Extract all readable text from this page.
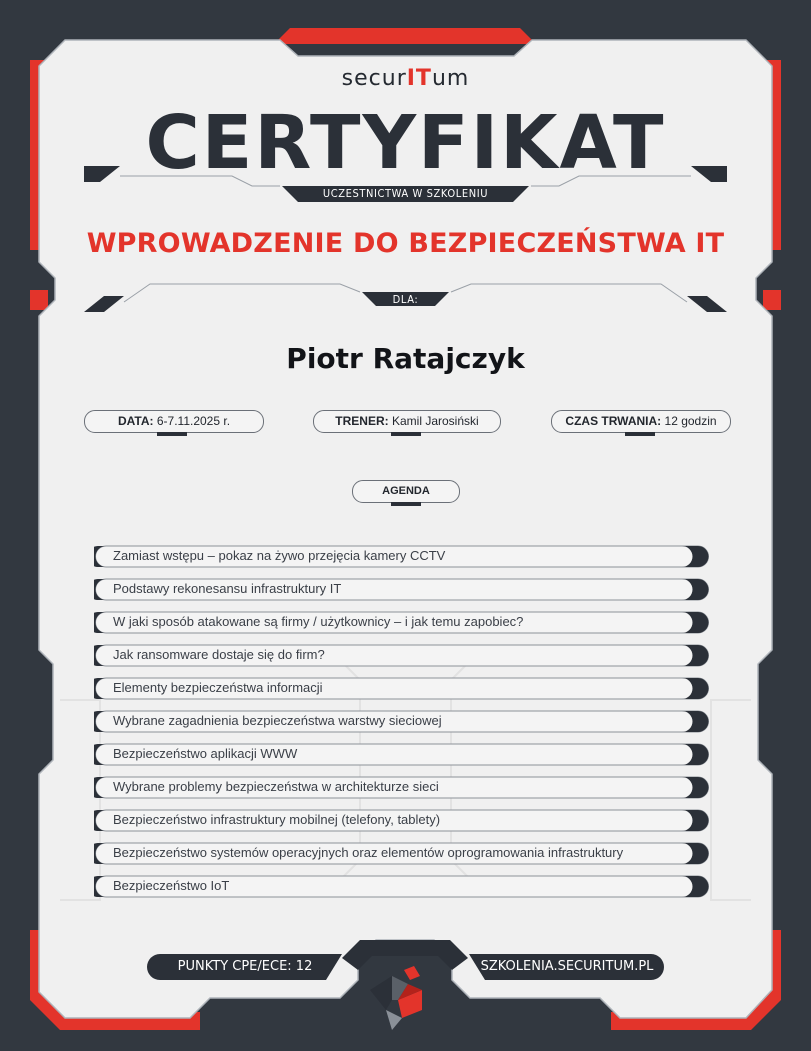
securITum
CERTYFIKAT
UCZESTNICTWA W SZKOLENIU
WPROWADZENIE DO BEZPIECZEŃSTWA IT
DLA:
Piotr Ratajczyk
DATA: 6-7.11.2025 r.	TRENER: Kamil Jarosiński	CZAS TRWANIA: 12 godzin
AGENDA
Zamiast wstępu – pokaz na żywo przejęcia kamery CCTV
Podstawy rekonesansu infrastruktury IT
W jaki sposób atakowane są firmy / użytkownicy – i jak temu zapobiec?
Jak ransomware dostaje się do firm?
Elementy bezpieczeństwa informacji
Wybrane zagadnienia bezpieczeństwa warstwy sieciowej
Bezpieczeństwo aplikacji WWW
Wybrane problemy bezpieczeństwa w architekturze sieci
Bezpieczeństwo infrastruktury mobilnej (telefony, tablety)
Bezpieczeństwo systemów operacyjnych oraz elementów oprogramowania infrastruktury
Bezpieczeństwo IoT
PUNKTY CPE/ECE: 12	SZKOLENIA.SECURITUM.PL
